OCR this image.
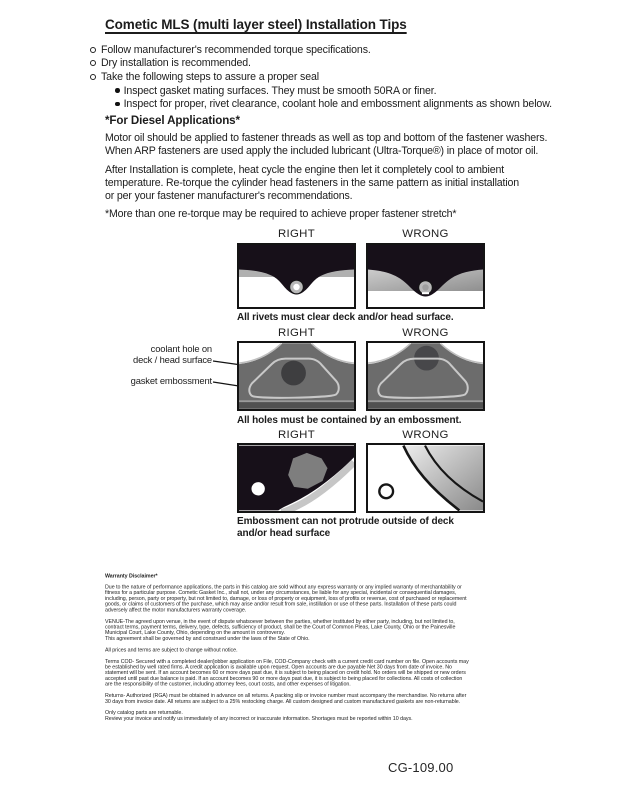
Cometic MLS (multi layer steel) Installation Tips
Follow manufacturer's recommended torque specifications.
Dry installation is recommended.
Take the following steps to assure a proper seal
Inspect gasket mating surfaces. They must be smooth 50RA or finer.
Inspect for proper, rivet clearance, coolant hole and embossment alignments as shown below.
*For Diesel Applications*
Motor oil should be applied to fastener threads as well as top and bottom of the fastener washers.
When ARP fasteners are used apply the included lubricant (Ultra-Torque®) in place of motor oil.
After Installation is complete, heat cycle the engine then let it completely cool to ambient
temperature. Re-torque the cylinder head fasteners in the same pattern as initial installation
or per your fastener manufacturer's recommendations.
*More than one re-torque may be required to achieve proper fastener stretch*
RIGHT	WRONG
All rivets must clear deck and/or head surface.
RIGHT	WRONG
coolant hole on
deck / head surface
gasket embossment
All holes must be contained by an embossment.
RIGHT	WRONG
Embossment can not protrude outside of deck
and/or head surface
Warranty Disclaimer*
Due to the nature of performance applications, the parts in this catalog are sold without any express warranty or any implied warranty of merchantability or
fitness for a particular purpose. Cometic Gasket Inc., shall not, under any circumstances, be liable for any special, incidental or consequential damages,
including, person, party or property, but not limited to, damage, or loss of property or equipment, loss of profits or revenue, cost of purchased or replacement
goods, or claims of customers of the purchase, which may arise and/or result from sale, instillation or use of these parts. Installation of these parts could
adversely affect the motor manufacturers warranty coverage.
VENUE-The agreed upon venue, in the event of dispute whatsoever between the parties, whether instituted by either party, including, but not limited to,
contract terms, payment terms, delivery, type, defects, sufficiency of product, shall be the Court of Common Pleas, Lake County, Ohio or the Painesville
Municipal Court, Lake County, Ohio, depending on the amount in controversy.
This agreement shall be governed by and construed under the laws of the State of Ohio.
All prices and terms are subject to change without notice.
Terms COD- Secured with a completed dealer/jobber application on File, COD-Company check with a current credit card number on file. Open accounts may
be established by well rated firms. A credit application is available upon request. Open accounts are due payable Net 30 days from date of invoice. No
statement will be sent. If an account becomes 60 or more days past due, it is subject to being placed on credit hold. No orders will be shipped or new orders
accepted until past due balance is paid. If an account becomes 90 or more days past due, it is subject to being placed for collections. All costs of collection
are the responsibility of the customer, including attorney fees, court costs, and other expenses of litigation.
Returns- Authorized (RGA) must be obtained in advance on all returns. A packing slip or invoice number must accompany the merchandise. No returns after
30 days from invoice date. All returns are subject to a 25% restocking charge. All custom designed and custom manufactured gaskets are non-returnable.
Only catalog parts are returnable.
Review your invoice and notify us immediately of any incorrect or inaccurate information. Shortages must be reported within 10 days.
CG-109.00
